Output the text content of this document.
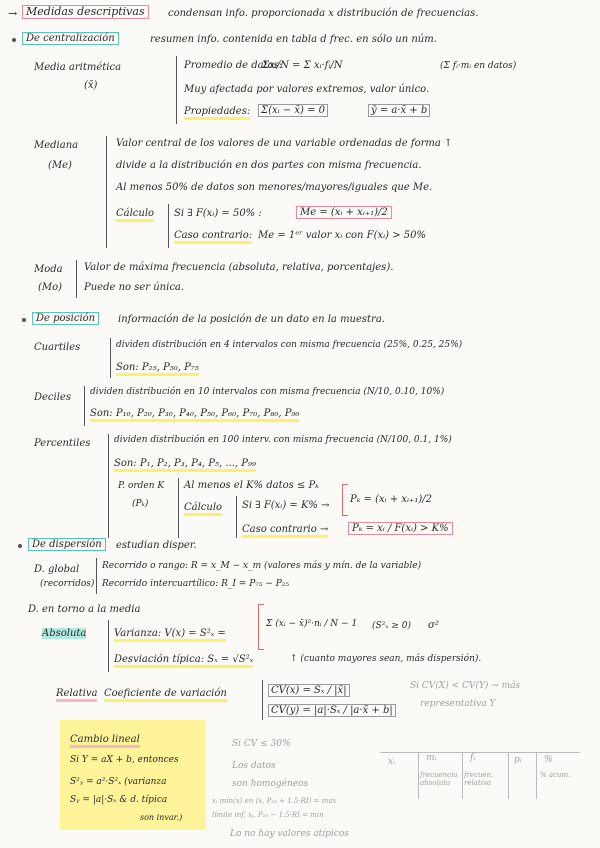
→ Medidas descriptivas	condensan info. proporcionada x distribución de frecuencias.
De centralización	resumen info. contenida en tabla d frec. en sólo un núm.
Media aritmética
(x̄)
Promedio de datos:
Σxᵢ/N = Σ xᵢ·fᵢ/N	(Σ fᵢ·mᵢ en datos)
Muy afectada por valores extremos, valor único.
Propiedades:	Σ(xᵢ − x̄) = 0	ȳ = a·x̄ + b
Mediana
(Me)
Valor central de los valores de una variable ordenadas de forma ↑
divide a la distribución en dos partes con misma frecuencia.
Al menos 50% de datos son menores/mayores/iguales que Me.
Cálculo Si ∃ F(xᵢ) = 50% :	Me = (xᵢ + xᵢ₊₁)/2
Caso contrario: Me = 1ᵉʳ valor xᵢ con F(xᵢ) > 50%
Moda
(Mo)
Valor de máxima frecuencia (absoluta, relativa, porcentajes).
Puede no ser única.
De posición	información de la posición de un dato en la muestra.
Cuartiles	dividen distribución en 4 intervalos con misma frecuencia (25%, 0.25, 25%)
Son: P₂₅, P₅₀, P₇₅
Deciles dividen distribución en 10 intervalos con misma frecuencia (N/10, 0.10, 10%)
Son: P₁₀, P₂₀, P₃₀, P₄₀, P₅₀, P₆₀, P₇₀, P₈₀, P₉₀
Percentiles	dividen distribución en 100 interv. con misma frecuencia (N/100, 0.1, 1%)
Son: P₁, P₂, P₃, P₄, P₅, ..., P₉₉
P. orden K
(Pₖ)
Al menos el K% datos ≤ Pₖ
Cálculo Si ∃ F(xᵢ) = K% →
Pₖ = (xᵢ + xᵢ₊₁)/2
Caso contrario →	Pₖ = xᵢ / F(xᵢ) > K%
De dispersión	estudian disper.
D. global
(recorridos)
Recorrido o rango: R = x_M − x_m (valores más y mín. de la variable)
Recorrido intercuartílico: R_I = P₇₅ − P₂₅
D. en torno a la media
Absoluta	Varianza: V(x) = S²ₓ =
Σ (xᵢ − x̄)²·nᵢ / N − 1 (S²ₓ ≥ 0) σ²
Desviación típica: Sₓ = √S²ₓ	↑ (cuanto mayores sean, más dispersión).
Relativa Coeficiente de variación	CV(x) = Sₓ / |x̄|
CV(y) = |a|·Sₓ / |a·x̄ + b|
Si CV(X) < CV(Y) → más
representativa Y
Cambio lineal
Si Y = aX + b, entonces
S²ᵧ = a²·S²ₓ (varianza
Sᵧ = |a|·Sₓ & d. típica
son invar.)
Si CV ≤ 30%
Los datos
son homogéneos
xᵢ mín(x) en (x, P₂₅ + 1.5·RI) = max
límite inf. xᵢ, P₂₅ − 1.5·RI = min
Lo no hay valores atípicos
xᵢ	mᵢ
frecuencia absoluta
fᵢ
frecuen. relativa
pᵢ %
% acum.
